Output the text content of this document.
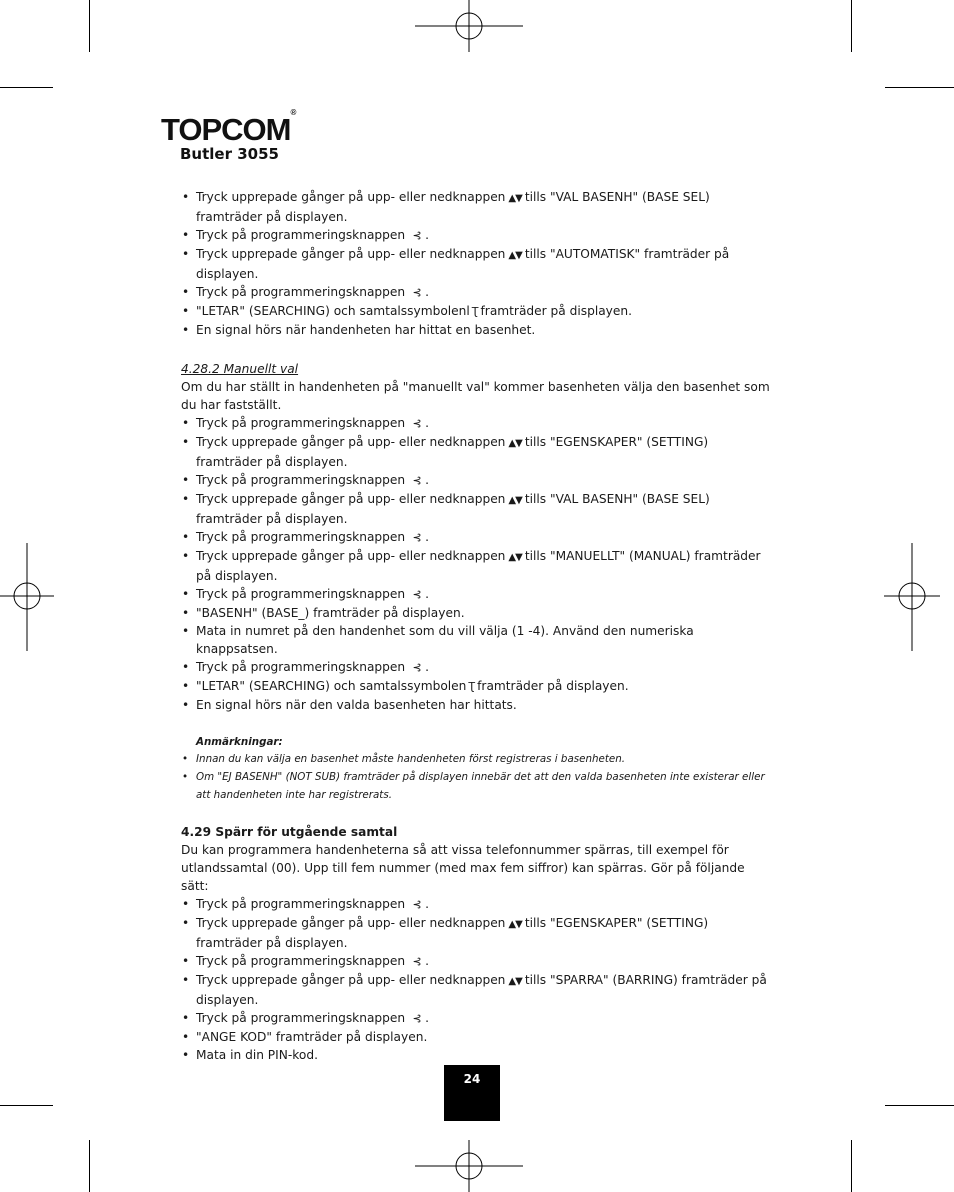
TOPCOM®
Butler 3055
• Tryck upprepade gånger på upp- eller nedknappen ▲▼ tills "VAL BASENH" (BASE SEL) framträder på displayen.
• Tryck på programmeringsknappen ⊰ .
• Tryck upprepade gånger på upp- eller nedknappen ▲▼ tills "AUTOMATISK" framträder på displayen.
• Tryck på programmeringsknappen ⊰ .
• "LETAR" (SEARCHING) och samtalssymbolenl Ʈ framträder på displayen.
• En signal hörs när handenheten har hittat en basenhet.

4.28.2 Manuellt val

Om du har ställt in handenheten på "manuellt val" kommer basenheten välja den basenhet som du har fastställt.

• Tryck på programmeringsknappen ⊰ .
• Tryck upprepade gånger på upp- eller nedknappen ▲▼ tills "EGENSKAPER" (SETTING) framträder på displayen.
• Tryck på programmeringsknappen ⊰ .
• Tryck upprepade gånger på upp- eller nedknappen ▲▼ tills "VAL BASENH" (BASE SEL) framträder på displayen.
• Tryck på programmeringsknappen ⊰ .
• Tryck upprepade gånger på upp- eller nedknappen ▲▼ tills "MANUELLT" (MANUAL) framträder på displayen.
• Tryck på programmeringsknappen ⊰ .
• "BASENH" (BASE_) framträder på displayen.
• Mata in numret på den handenhet som du vill välja (1 -4). Använd den numeriska knappsatsen.
• Tryck på programmeringsknappen ⊰ .
• "LETAR" (SEARCHING) och samtalssymbolen Ʈ framträder på displayen.
• En signal hörs när den valda basenheten har hittats.

Anmärkningar:

• Innan du kan välja en basenhet måste handenheten först registreras i basenheten.
• Om "EJ BASENH" (NOT SUB) framträder på displayen innebär det att den valda basenheten inte existerar eller att handenheten inte har registrerats.

4.29 Spärr för utgående samtal

Du kan programmera handenheterna så att vissa telefonnummer spärras, till exempel för utlandssamtal (00). Upp till fem nummer (med max fem siffror) kan spärras. Gör på följande sätt:

• Tryck på programmeringsknappen ⊰ .
• Tryck upprepade gånger på upp- eller nedknappen ▲▼ tills "EGENSKAPER" (SETTING) framträder på displayen.
• Tryck på programmeringsknappen ⊰ .
• Tryck upprepade gånger på upp- eller nedknappen ▲▼ tills "SPARRA" (BARRING) framträder på displayen.
• Tryck på programmeringsknappen ⊰ .
• "ANGE KOD" framträder på displayen.
• Mata in din PIN-kod.
24
